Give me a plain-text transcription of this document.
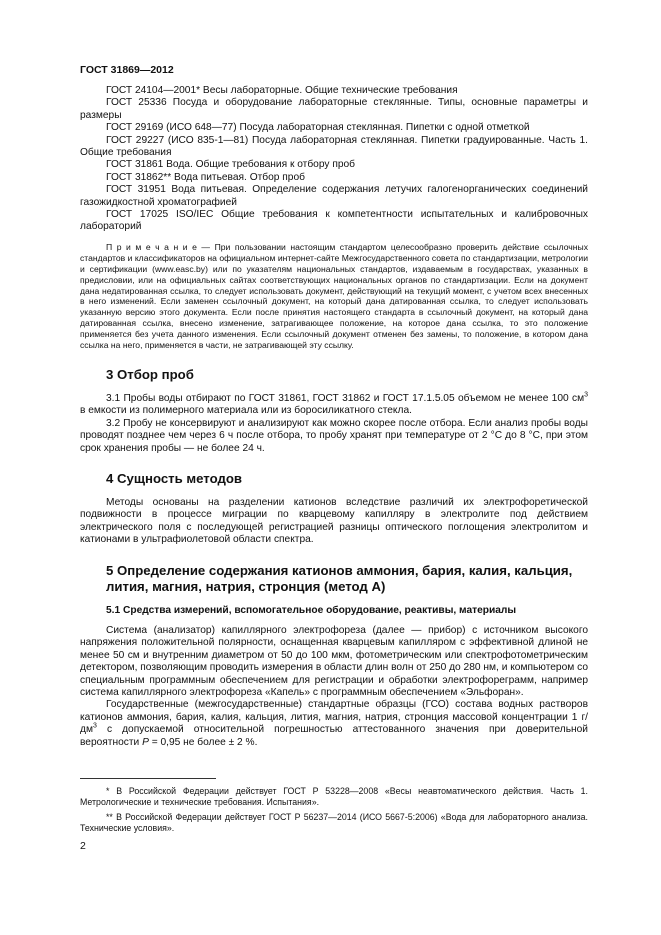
ГОСТ 31869—2012

ГОСТ 24104—2001* Весы лабораторные. Общие технические требования

ГОСТ 25336 Посуда и оборудование лабораторные стеклянные. Типы, основные параметры и размеры

ГОСТ 29169 (ИСО 648—77) Посуда лабораторная стеклянная. Пипетки с одной отметкой

ГОСТ 29227 (ИСО 835-1—81) Посуда лабораторная стеклянная. Пипетки градуированные. Часть 1. Общие требования

ГОСТ 31861 Вода. Общие требования к отбору проб

ГОСТ 31862** Вода питьевая. Отбор проб

ГОСТ 31951 Вода питьевая. Определение содержания летучих галогенорганических соединений газожидкостной хроматографией

ГОСТ 17025 ISO/IEC Общие требования к компетентности испытательных и калибровочных лабораторий

П р и м е ч а н и е — При пользовании настоящим стандартом целесообразно проверить действие ссылочных стандартов и классификаторов на официальном интернет-сайте Межгосударственного совета по стандартизации, метрологии и сертификации (www.easc.by) или по указателям национальных стандартов, издаваемым в государствах, указанных в предисловии, или на официальных сайтах соответствующих национальных органов по стандартизации. Если на документ дана недатированная ссылка, то следует использовать документ, действующий на текущий момент, с учетом всех внесенных в него изменений. Если заменен ссылочный документ, на который дана датированная ссылка, то следует использовать указанную версию этого документа. Если после принятия настоящего стандарта в ссылочный документ, на который дана датированная ссылка, внесено изменение, затрагивающее положение, на которое дана ссылка, то это положение применяется без учета данного изменения. Если ссылочный документ отменен без замены, то положение, в котором дана ссылка на него, применяется в части, не затрагивающей эту ссылку.

3 Отбор проб

3.1 Пробы воды отбирают по ГОСТ 31861, ГОСТ 31862 и ГОСТ 17.1.5.05 объемом не менее 100 $см^3$ в емкости из полимерного материала или из боросиликатного стекла.

3.2 Пробу не консервируют и анализируют как можно скорее после отбора. Если анализ пробы воды проводят позднее чем через 6 ч после отбора, то пробу хранят при температуре от 2 °С до 8 °С, при этом срок хранения пробы — не более 24 ч.

4 Сущность методов

Методы основаны на разделении катионов вследствие различий их электрофоретической подвижности в процессе миграции по кварцевому капилляру в электролите под действием электрического поля с последующей регистрацией разницы оптического поглощения электролитом и катионами в ультрафиолетовой области спектра.

5 Определение содержания катионов аммония, бария, калия, кальция, лития, магния, натрия, стронция (метод А)
5.1 Средства измерений, вспомогательное оборудование, реактивы, материалы

Система (анализатор) капиллярного электрофореза (далее — прибор) с источником высокого напряжения положительной полярности, оснащенная кварцевым капилляром с эффективной длиной не менее 50 см и внутренним диаметром от 50 до 100 мкм, фотометрическим или спектрофотометрическим детектором, позволяющим проводить измерения в области длин волн от 250 до 280 нм, и компьютером со специальным программным обеспечением для регистрации и обработки электрофореграмм, например система капиллярного электрофореза «Капель» с программным обеспечением «Эльфоран».

Государственные (межгосударственные) стандартные образцы (ГСО) состава водных растворов катионов аммония, бария, калия, кальция, лития, магния, натрия, стронция массовой концентрации 1 $г/дм^3$ с допускаемой относительной погрешностью аттестованного значения при доверительной вероятности Р = 0,95 не более ± 2 %.

* В Российской Федерации действует ГОСТ Р 53228—2008 «Весы неавтоматического действия. Часть 1. Метрологические и технические требования. Испытания».

** В Российской Федерации действует ГОСТ Р 56237—2014 (ИСО 5667-5:2006) «Вода для лабораторного анализа. Технические условия».

2
